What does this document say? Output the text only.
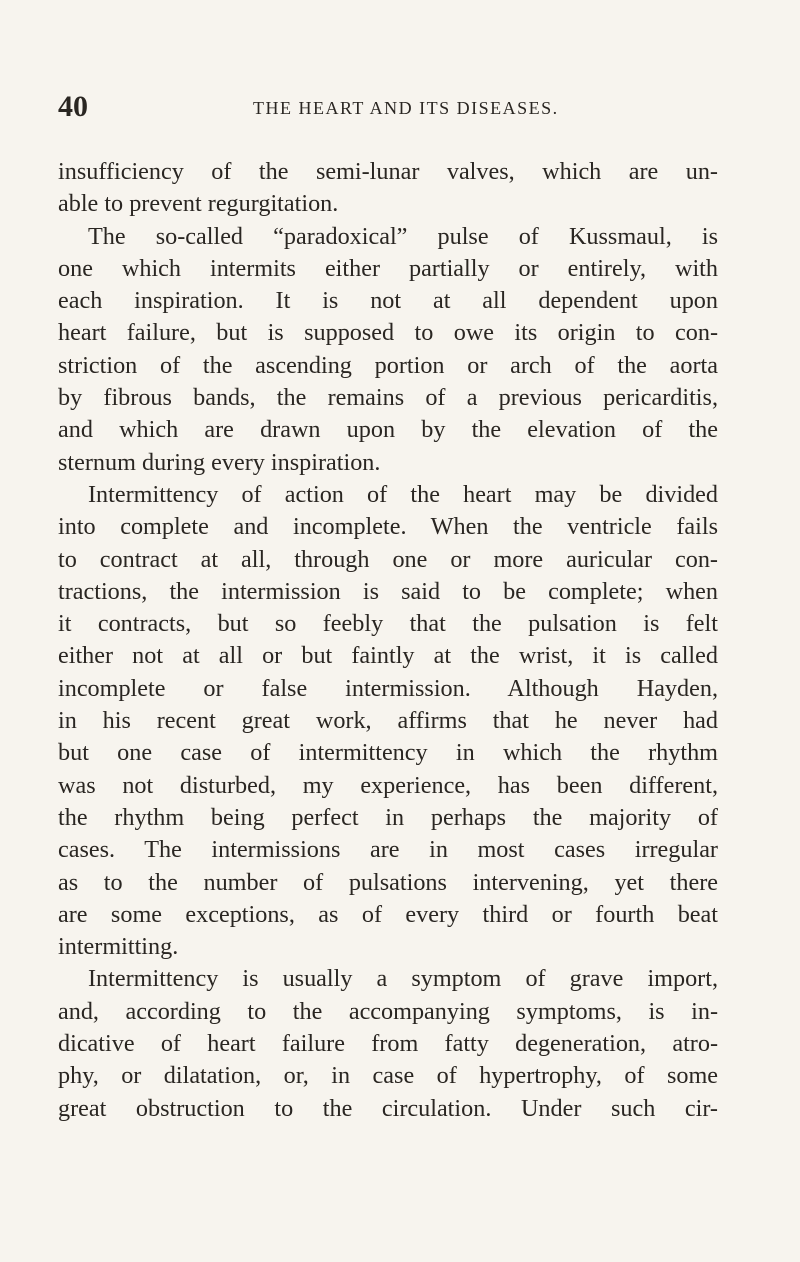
40	THE HEART AND ITS DISEASES.
insufficiency of the semi-lunar valves, which are un-
able to prevent regurgitation.
The so-called “paradoxical” pulse of Kussmaul, is
one which intermits either partially or entirely, with
each inspiration. It is not at all dependent upon
heart failure, but is supposed to owe its origin to con-
striction of the ascending portion or arch of the aorta
by fibrous bands, the remains of a previous pericarditis,
and which are drawn upon by the elevation of the
sternum during every inspiration.
Intermittency of action of the heart may be divided
into complete and incomplete. When the ventricle fails
to contract at all, through one or more auricular con-
tractions, the intermission is said to be complete; when
it contracts, but so feebly that the pulsation is felt
either not at all or but faintly at the wrist, it is called
incomplete or false intermission. Although Hayden,
in his recent great work, affirms that he never had
but one case of intermittency in which the rhythm
was not disturbed, my experience, has been different,
the rhythm being perfect in perhaps the majority of
cases. The intermissions are in most cases irregular
as to the number of pulsations intervening, yet there
are some exceptions, as of every third or fourth beat
intermitting.
Intermittency is usually a symptom of grave import,
and, according to the accompanying symptoms, is in-
dicative of heart failure from fatty degeneration, atro-
phy, or dilatation, or, in case of hypertrophy, of some
great obstruction to the circulation. Under such cir-
